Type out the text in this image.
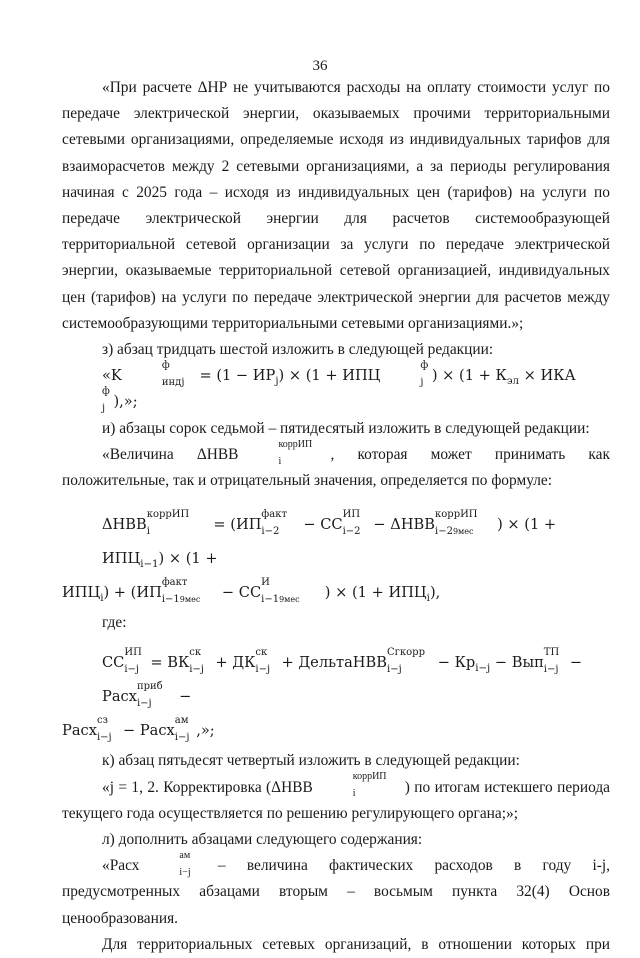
36

«При расчете ΔНР не учитываются расходы на оплату стоимости услуг по передаче электрической энергии, оказываемых прочими территориальными сетевыми организациями, определяемые исходя из индивидуальных тарифов для взаиморасчетов между 2 сетевыми организациями, а за периоды регулирования начиная с 2025 года – исходя из индивидуальных цен (тарифов) на услуги по передаче электрической энергии для расчетов системообразующей территориальной сетевой организации за услуги по передаче электрической энергии, оказываемые территориальной сетевой организацией, индивидуальных цен (тарифов) на услуги по передаче электрической энергии для расчетов между системообразующими территориальными сетевыми организациями.»;

з) абзац тридцать шестой изложить в следующей редакции:

«K
ф
индj = $(1 - ИР_j) \times (1$ + ИПЦ
ф
j ) × ($1 + К_{эл}$ × ИКА
ф
j ),»;

и) абзацы сорок седьмой – пятидесятый изложить в следующей редакции:

«Величина ΔНВВ
коррИП
i	, которая может принимать как положительные, так и отрицательный значения, определяется по формуле:

ΔНВВ
коррИП
i	= (ИП
факт
i−2 − СС
ИП
i−2 − ΔНВВ
коррИП
i−29мес ) × $(1 + ИПЦ_{i-1}) \times (1$ +
$ИПЦ_i) + (ИП$
факт
i−19мес − СС
И
i−19мес ) × $(1 + ИПЦ_i)$,

где:

СС
ИП
i−j = ВК
ск
i−j + ДК
ск
i−j + ДельтаНВВ
Сгкорр
$i-j - Кр_{i-j}$ − Вып
ТП
i−j − Расх
приб
i−j −
Расх
сз
i−j − Расх
ам
i−j ,»;

к) абзац пятьдесят четвертый изложить в следующей редакции:

«j = 1, 2. Корректировка (ΔНВВ
коррИП
i	) по итогам истекшего периода текущего года осуществляется по решению регулирующего органа;»;

л) дополнить абзацами следующего содержания:

«Расх
ам
i−j – величина фактических расходов в году i-j, предусмотренных абзацами вторым – восьмым пункта 32(4) Основ ценообразования.

Для территориальных сетевых организаций, в отношении которых при
